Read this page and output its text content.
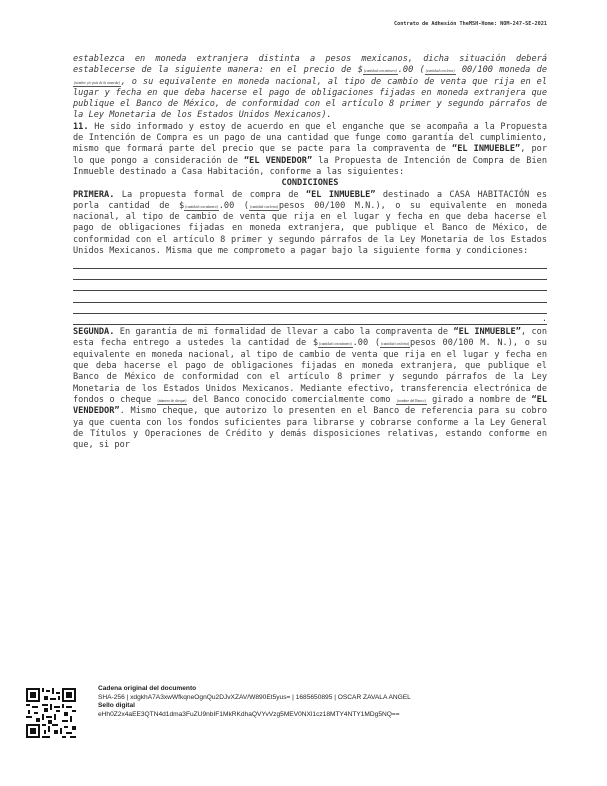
Contrato de Adhesión TheMSH-Home: NOM-247-SE-2021

establezca en moneda extranjera distinta a pesos mexicanos, dicha situación deberá establecerse de la siguiente manera: en el precio de $(cantidad con número).00 ((cantidad con letra) 00/100 moneda de (nombre y/o país de la moneda), o su equivalente en moneda nacional, al tipo de cambio de venta que rija en el lugar y fecha en que deba hacerse el pago de obligaciones fijadas en moneda extranjera que publique el Banco de México, de conformidad con el artículo 8 primer y segundo párrafos de la Ley Monetaria de los Estados Unidos Mexicanos).

11. He sido informado y estoy de acuerdo en que el enganche que se acompaña a la Propuesta de Intención de Compra es un pago de una cantidad que funge como garantía del cumplimiento, mismo que formará parte del precio que se pacte para la compraventa de “EL INMUEBLE”, por lo que pongo a consideración de “EL VENDEDOR” la Propuesta de Intención de Compra de Bien Inmueble destinado a Casa Habitación, conforme a las siguientes:

CONDICIONES

PRIMERA. La propuesta formal de compra de “EL INMUEBLE” destinado a CASA HABITACIÓN es porla cantidad de $(cantidad con número).00 ((cantidad con letra)pesos 00/100 M.N.), o su equivalente en moneda nacional, al tipo de cambio de venta que rija en el lugar y fecha en que deba hacerse el pago de obligaciones fijadas en moneda extranjera, que publique el Banco de México, de conformidad con el artículo 8 primer y segundo párrafos de la Ley Monetaria de los Estados Unidos Mexicanos. Misma que me comprometo a pagar bajo la siguiente forma y condiciones:

.

SEGUNDA. En garantía de mi formalidad de llevar a cabo la compraventa de “EL INMUEBLE”, con esta fecha entrego a ustedes la cantidad de $(cantidad con número).00 ((cantidad con letra)pesos 00/100 M. N.), o su equivalente en moneda nacional, al tipo de cambio de venta que rija en el lugar y fecha en que deba hacerse el pago de obligaciones fijadas en moneda extranjera, que publique el Banco de México de conformidad con el artículo 8 primer y segundo párrafos de la Ley Monetaria de los Estados Unidos Mexicanos. Mediante efectivo, transferencia electrónica de fondos o cheque (número de cheque) del Banco conocido comercialmente como (nombre del Banco) girado a nombre de “EL VENDEDOR”. Mismo cheque, que autorizo lo presenten en el Banco de referencia para su cobro ya que cuenta con los fondos suficientes para librarse y cobrarse conforme a la Ley General de Títulos y Operaciones de Crédito y demás disposiciones relativas, estando conforme en que, si por

Cadena original del documento
SHA-256 | xdgkhA7A3xwWfkqneOgnQu2DJvXZAV/W890Et5yus= | 1685650895 | OSCAR ZAVALA ANGEL
Sello digital
eHh0Z2x4aEE3QTN4d1dma3FuZU9nbIF1MkRKdhaQVYvVzg5MEV0NXl1cz18MTY4NTY1MDg5NQ==
